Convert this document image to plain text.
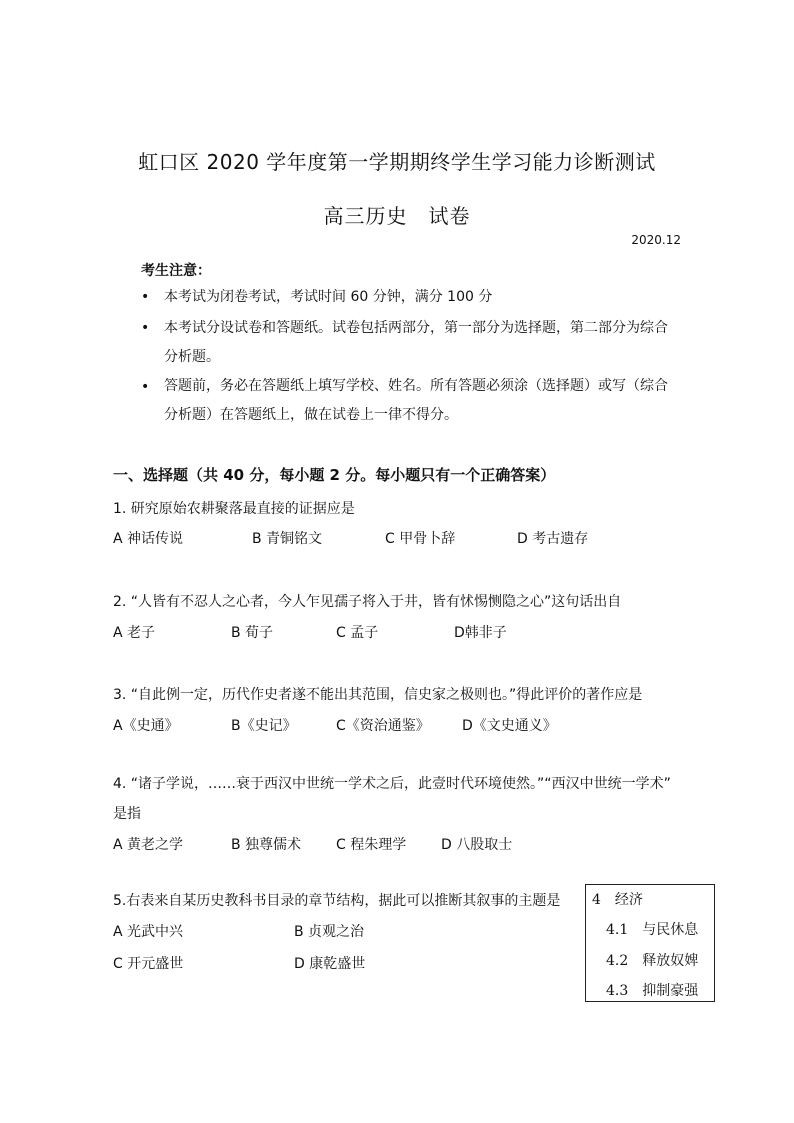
虹口区 2020 学年度第一学期期终学生学习能力诊断测试
高三历史　试卷
2020.12
考生注意：
• 本考试为闭卷考试，考试时间 60 分钟，满分 100 分
• 本考试分设试卷和答题纸。试卷包括两部分，第一部分为选择题，第二部分为综合
分析题。
• 答题前，务必在答题纸上填写学校、姓名。所有答题必须涂（选择题）或写（综合
分析题）在答题纸上，做在试卷上一律不得分。
一、选择题（共 40 分，每小题 2 分。每小题只有一个正确答案）
1. 研究原始农耕聚落最直接的证据应是
A 神话传说	B 青铜铭文	C 甲骨卜辞	D 考古遗存
2. “人皆有不忍人之心者，今人乍见孺子将入于井，皆有怵惕恻隐之心”这句话出自
A 老子	B 荀子	C 孟子	D韩非子
3. “自此例一定，历代作史者遂不能出其范围，信史家之极则也。”得此评价的著作应是
A《史通》	B《史记》	C《资治通鉴》 D《文史通义》
4. “诸子学说，……衰于西汉中世统一学术之后，此壹时代环境使然。”“西汉中世统一学术”
是指
A 黄老之学	B 独尊儒术 C 程朱理学 D 八股取士
5.右表来自某历史教科书目录的章节结构，据此可以推断其叙事的主题是
A 光武中兴	B 贞观之治
C 开元盛世	D 康乾盛世
4　经济
4.1　与民休息
4.2　释放奴婢
4.3　抑制豪强
